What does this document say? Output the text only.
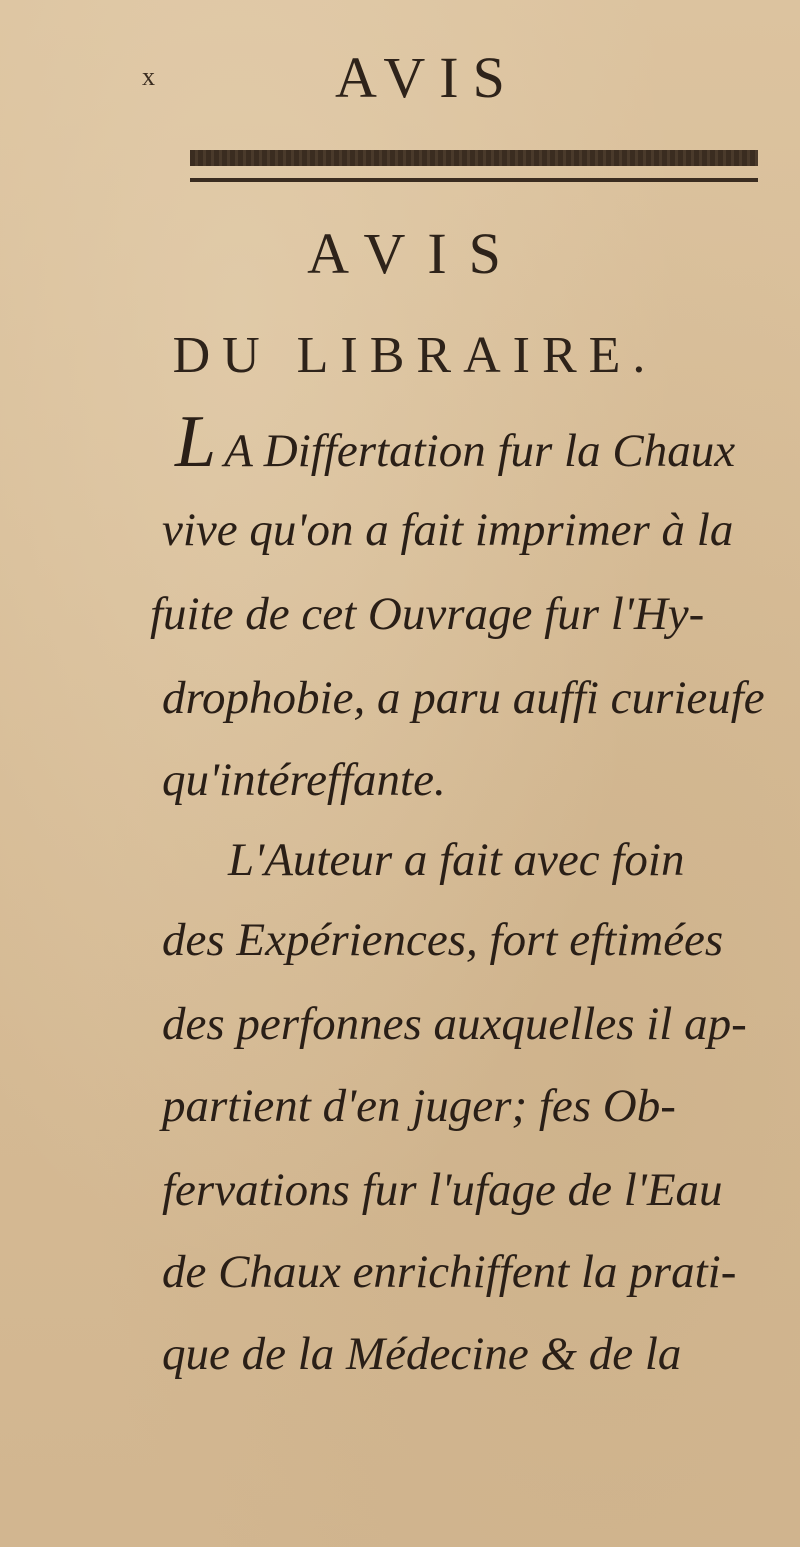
x	AVIS
AVIS
DU LIBRAIRE.
L A Differtation fur la Chaux
vive qu'on a fait imprimer à la
fuite de cet Ouvrage fur l'Hy-
drophobie, a paru auffi curieufe
qu'intéreffante.
L'Auteur a fait avec foin
des Expériences, fort eftimées
des perfonnes auxquelles il ap-
partient d'en juger; fes Ob-
fervations fur l'ufage de l'Eau
de Chaux enrichiffent la prati-
que de la Médecine & de la
